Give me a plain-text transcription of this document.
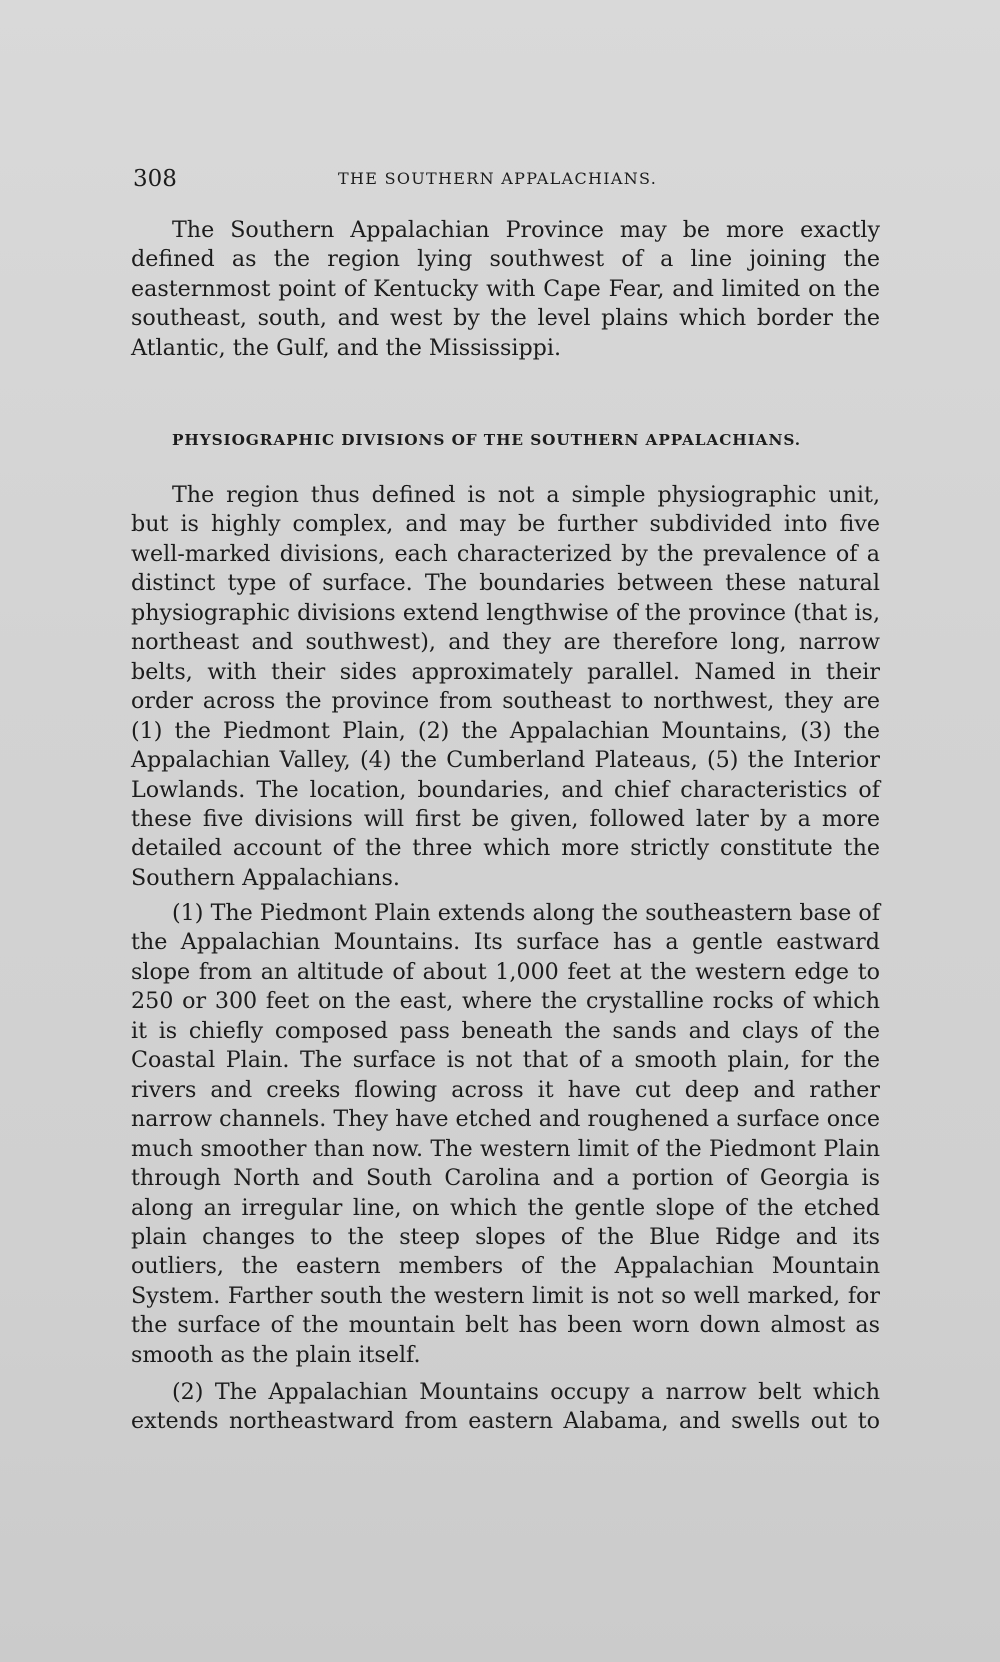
308	THE SOUTHERN APPALACHIANS.

The Southern Appalachian Province may be more exactly defined as the region lying southwest of a line joining the easternmost point of Kentucky with Cape Fear, and limited on the southeast, south, and west by the level plains which border the Atlantic, the Gulf, and the Mississippi.

PHYSIOGRAPHIC DIVISIONS OF THE SOUTHERN APPALACHIANS.

The region thus defined is not a simple physiographic unit, but is highly complex, and may be further subdivided into five well-marked divisions, each characterized by the prevalence of a distinct type of surface. The boundaries between these natural physiographic divisions extend lengthwise of the province (that is, northeast and southwest), and they are therefore long, narrow belts, with their sides approximately parallel. Named in their order across the province from southeast to northwest, they are (1) the Piedmont Plain, (2) the Appalachian Mountains, (3) the Appalachian Valley, (4) the Cumberland Plateaus, (5) the Interior Lowlands. The location, boundaries, and chief characteristics of these five divisions will first be given, followed later by a more detailed account of the three which more strictly constitute the Southern Appalachians.

(1) The Piedmont Plain extends along the southeastern base of the Appalachian Mountains. Its surface has a gentle eastward slope from an altitude of about 1,000 feet at the western edge to 250 or 300 feet on the east, where the crystalline rocks of which it is chiefly composed pass beneath the sands and clays of the Coastal Plain. The surface is not that of a smooth plain, for the rivers and creeks flowing across it have cut deep and rather narrow channels. They have etched and roughened a surface once much smoother than now. The western limit of the Piedmont Plain through North and South Carolina and a portion of Georgia is along an irregular line, on which the gentle slope of the etched plain changes to the steep slopes of the Blue Ridge and its outliers, the eastern members of the Appalachian Mountain System. Farther south the western limit is not so well marked, for the surface of the mountain belt has been worn down almost as smooth as the plain itself.

(2) The Appalachian Mountains occupy a narrow belt which extends northeastward from eastern Alabama, and swells out to
